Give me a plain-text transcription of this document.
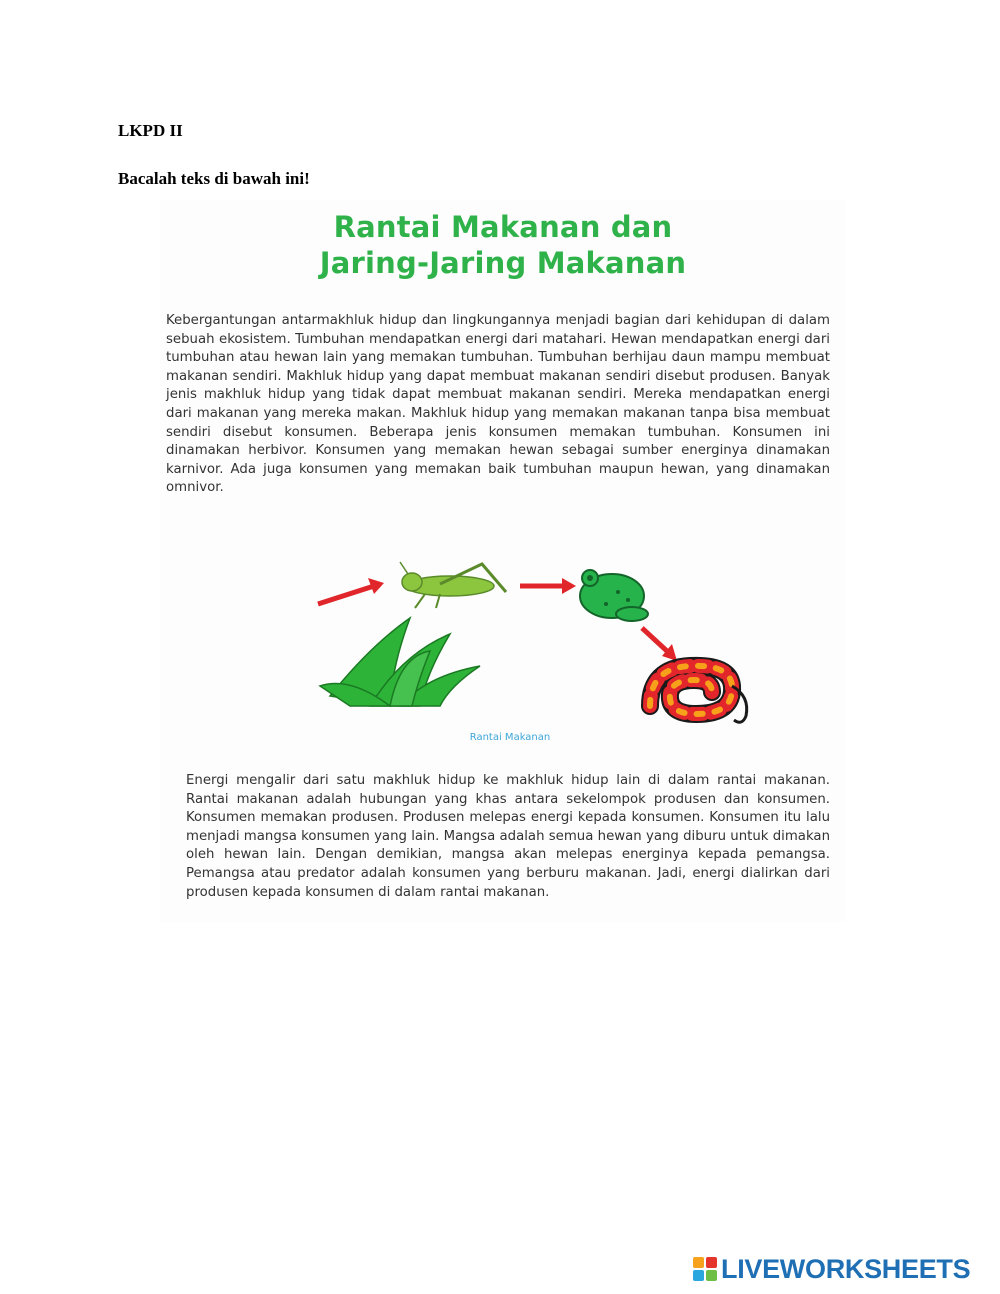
LKPD II
Bacalah teks di bawah ini!
Rantai Makanan dan
Jaring-Jaring Makanan

Kebergantungan antarmakhluk hidup dan lingkungannya menjadi bagian dari kehidupan di dalam sebuah ekosistem. Tumbuhan mendapatkan energi dari matahari. Hewan mendapatkan energi dari tumbuhan atau hewan lain yang memakan tumbuhan. Tumbuhan berhijau daun mampu membuat makanan sendiri. Makhluk hidup yang dapat membuat makanan sendiri disebut produsen. Banyak jenis makhluk hidup yang tidak dapat membuat makanan sendiri. Mereka mendapatkan energi dari makanan yang mereka makan. Makhluk hidup yang memakan makanan tanpa bisa membuat sendiri disebut konsumen. Beberapa jenis konsumen memakan tumbuhan. Konsumen ini dinamakan herbivor. Konsumen yang memakan hewan sebagai sumber energinya dinamakan karnivor. Ada juga konsumen yang memakan baik tumbuhan maupun hewan, yang dinamakan omnivor.

Rantai Makanan

Energi mengalir dari satu makhluk hidup ke makhluk hidup lain di dalam rantai makanan. Rantai makanan adalah hubungan yang khas antara sekelompok produsen dan konsumen. Konsumen memakan produsen. Produsen melepas energi kepada konsumen. Konsumen itu lalu menjadi mangsa konsumen yang lain. Mangsa adalah semua hewan yang diburu untuk dimakan oleh hewan lain. Dengan demikian, mangsa akan melepas energinya kepada pemangsa. Pemangsa atau predator adalah konsumen yang berburu makanan. Jadi, energi dialirkan dari produsen kepada konsumen di dalam rantai makanan.

LIVEWORKSHEETS
